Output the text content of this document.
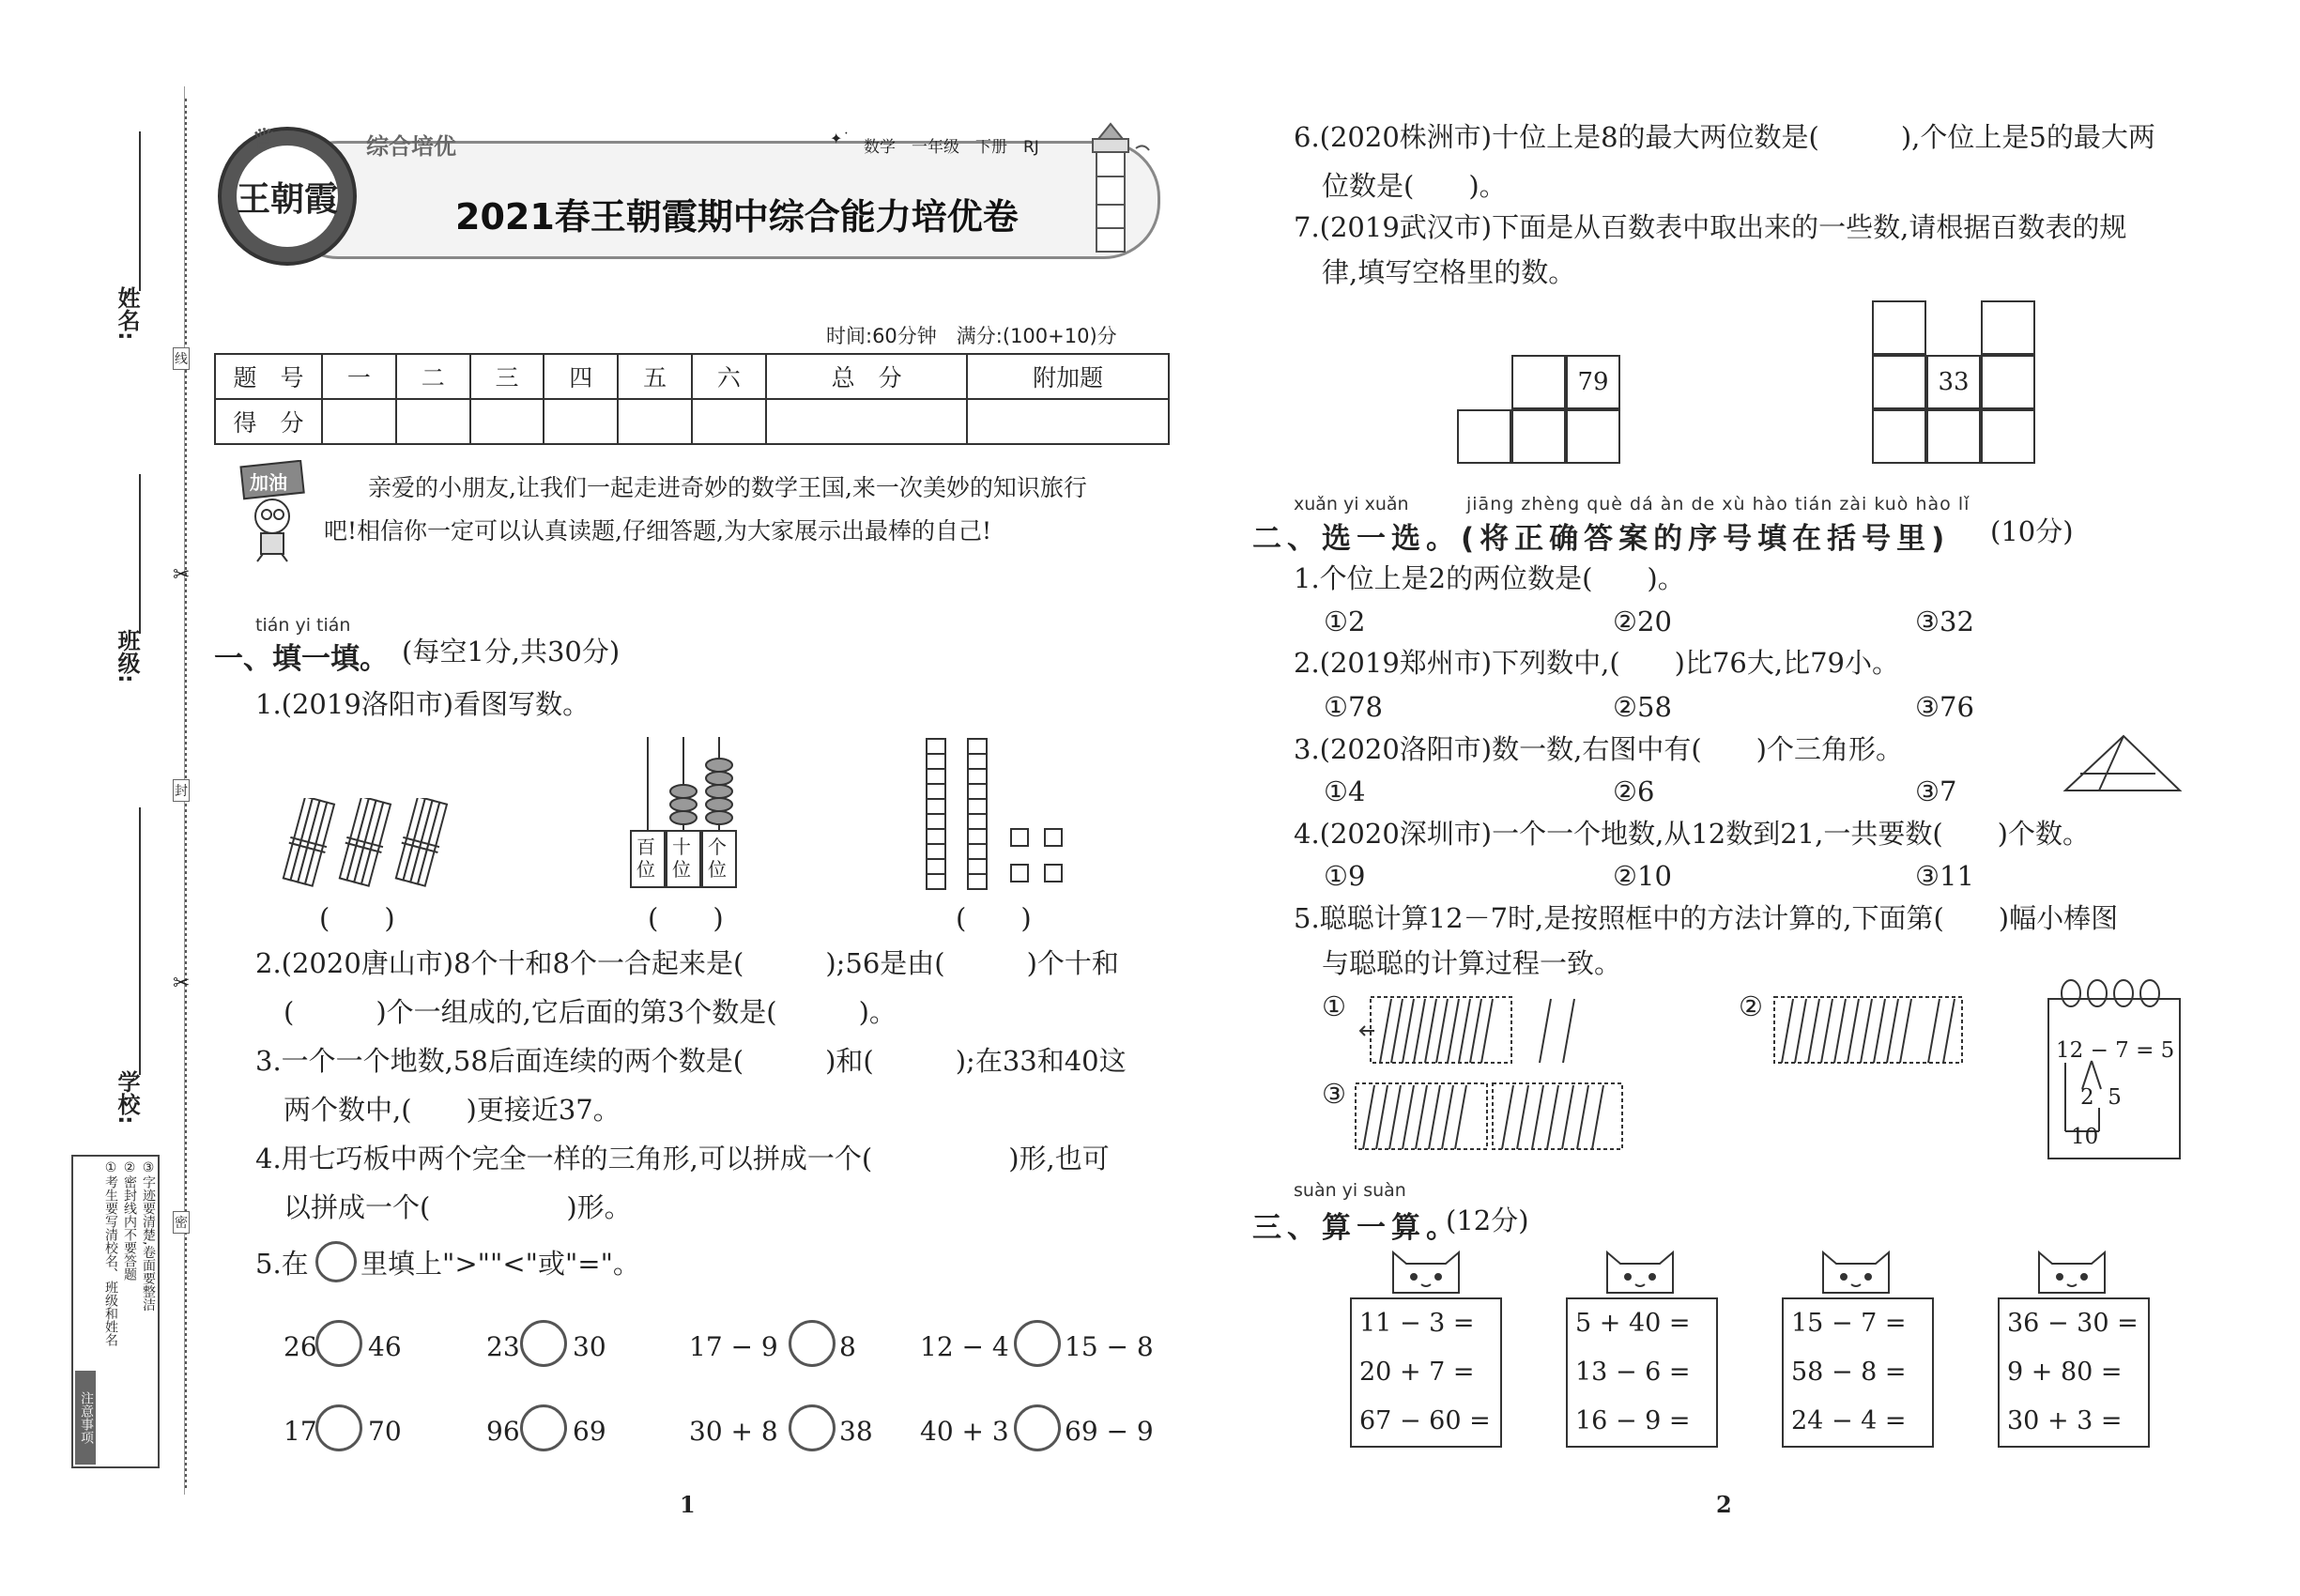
姓名:
班级:
学校:
线
封
密
✂
✂
注意事项
①考生要写清校名、班级和姓名 ②密封线内不要答题 ③字迹要清楚,卷面要整洁
♛
王朝霞
综合培优	✦˙ 数学　一年级　下册　RJ
2021春王朝霞期中综合能力培优卷
时间:60分钟　满分:(100+10)分
题　号	一	二	三	四	五	六	总　分	附加题
得　分								
加油	亲爱的小朋友,让我们一起走进奇妙的数学王国,来一次美妙的知识旅行
吧!相信你一定可以认真读题,仔细答题,为大家展示出最棒的自己!
tián yi tián
一、填一填。 (每空1分,共30分)
1.(2019洛阳市)看图写数。
(　　)
百位
十位
个位
(　　)	(　　)
2.(2020唐山市)8个十和8个一合起来是(　　　);56是由(　　　)个十和
(　　　)个一组成的,它后面的第3个数是(　　　)。
3.一个一个地数,58后面连续的两个数是(　　　)和(　　　);在33和40这
两个数中,(　　)更接近37。
4.用七巧板中两个完全一样的三角形,可以拼成一个(　　　　　)形,也可
以拼成一个(　　　　　)形。
5.在 里填上">""<"或"="。
26 46	23 30	17 − 9 8 12 − 4 15 − 8
17 70	96 69	30 + 8 38 40 + 3 69 − 9
1	2
6.(2020株洲市)十位上是8的最大两位数是(　　　),个位上是5的最大两
位数是(　　)。
7.(2019武汉市)下面是从百数表中取出来的一些数,请根据百数表的规
律,填写空格里的数。
79	33
xuǎn yi xuǎn	jiāng zhèng què dá àn de xù hào tián zài kuò hào lǐ
二、选一选。(将正确答案的序号填在括号里) (10分)
1.个位上是2的两位数是(　　)。
①2	②20	③32
2.(2019郑州市)下列数中,(　　)比76大,比79小。
①78	②58	③76
3.(2020洛阳市)数一数,右图中有(　　)个三角形。
①4	②6	③7
4.(2020深圳市)一个一个地数,从12数到21,一共要数(　　)个数。
①9	②10	③11
5.聪聪计算12－7时,是按照框中的方法计算的,下面第(　　)幅小棒图
与聪聪的计算过程一致。
①	②
③
12 − 7 = 5
2  5
10
suàn yi suàn
三、算一算。
(12分)
11 − 3 =
20 + 7 =
67 − 60 =
5 + 40 =
13 − 6 =
16 − 9 =
15 − 7 =
58 − 8 =
24 − 4 =
36 − 30 =
9 + 80 =
30 + 3 =
